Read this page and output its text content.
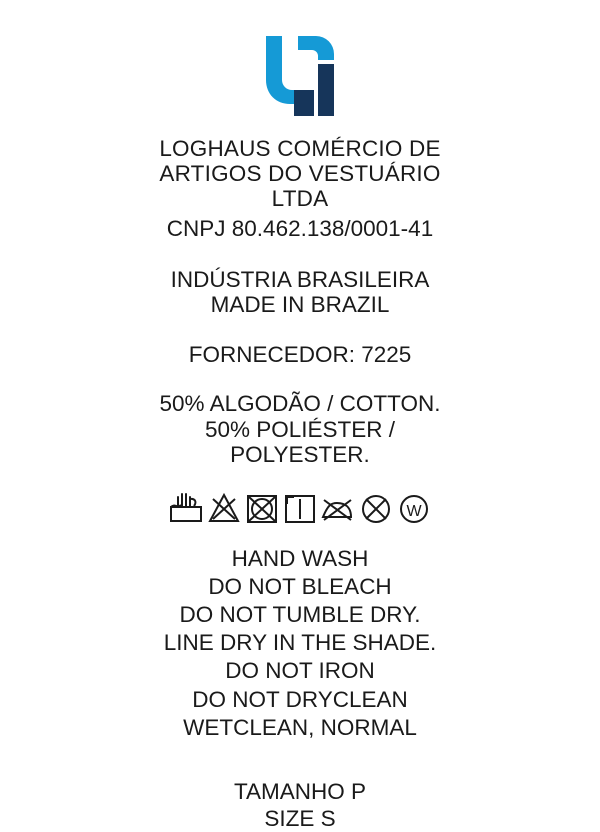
LOGHAUS COMÉRCIO DE
ARTIGOS DO VESTUÁRIO
LTDA
CNPJ 80.462.138/0001-41
INDÚSTRIA BRASILEIRA
MADE IN BRAZIL
FORNECEDOR: 7225
50% ALGODÃO / COTTON.
50% POLIÉSTER /
POLYESTER.
W
HAND WASH
DO NOT BLEACH
DO NOT TUMBLE DRY.
LINE DRY IN THE SHADE.
DO NOT IRON
DO NOT DRYCLEAN
WETCLEAN, NORMAL
TAMANHO P
SIZE S
